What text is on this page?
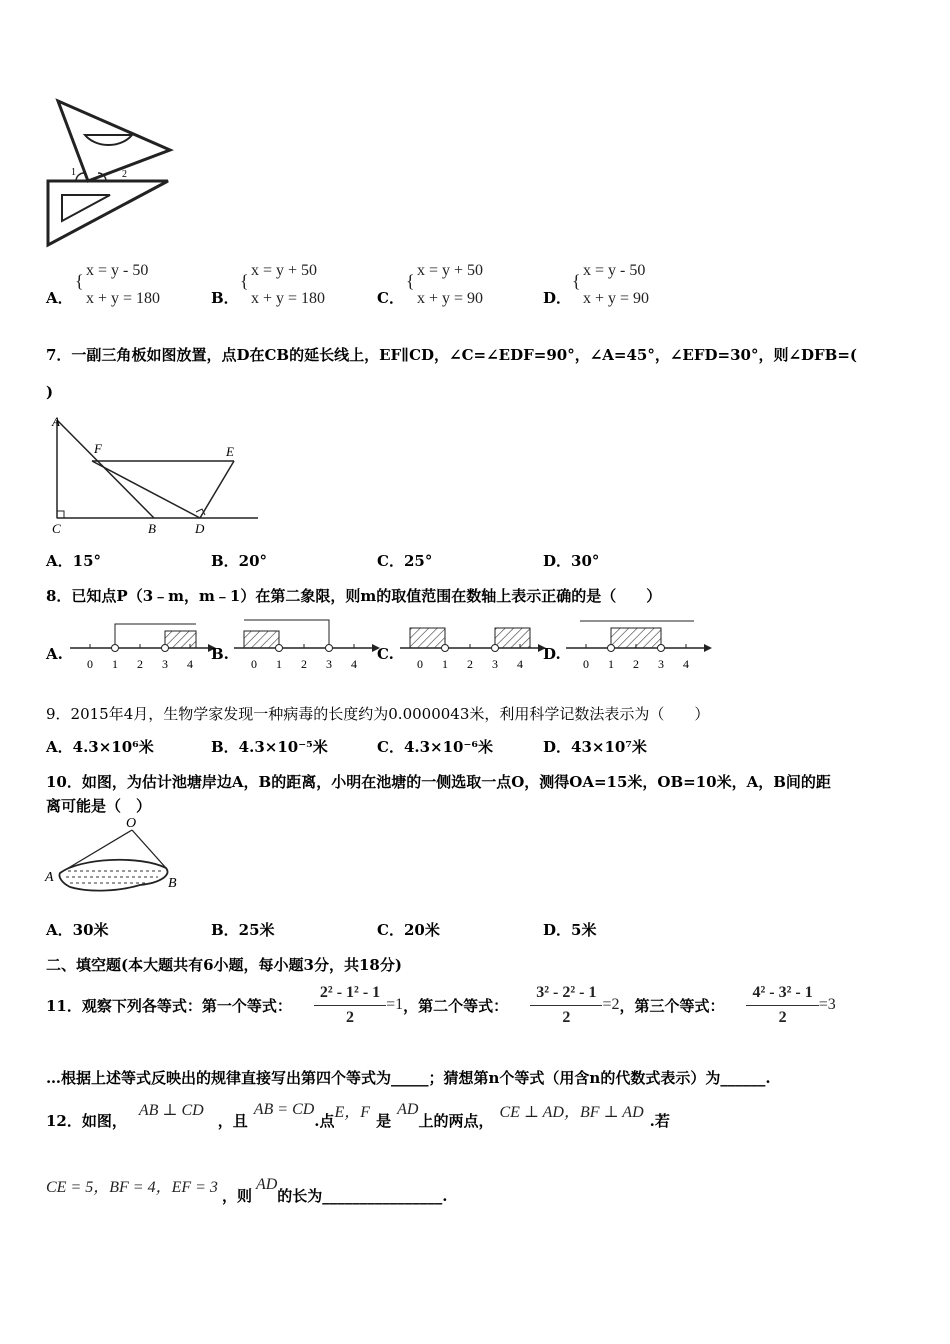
1	2
A．
{
x = y - 50
x + y = 180	B．
{
x = y + 50
x + y = 180	C．
{
x = y + 50
x + y = 90	D．
{
x = y - 50
x + y = 90
7．一副三角板如图放置，点D在CB的延长线上，EF∥CD，∠C=∠EDF=90°，∠A=45°，∠EFD=30°，则∠DFB=(
)
A
F	E
C	B	D
A．15°	B．20°	C．25°	D．30°
8．已知点P（3﹣m，m﹣1）在第二象限，则m的取值范围在数轴上表示正确的是（　　）
A.
0 1 2 3 4
B.
0 1 2 3 4
C.
0 1 2 3 4
D.
0 1 2 3 4
9．2015年4月，生物学家发现一种病毒的长度约为0.0000043米，利用科学记数法表示为（　　）
A．4.3×10⁶米	B．4.3×10⁻⁵米	C．4.3×10⁻⁶米	D．43×10⁷米
10．如图，为估计池塘岸边A，B的距离，小明在池塘的一侧选取一点O，测得OA=15米，OB=10米，A，B间的距
离可能是（　）
O
A	B
A．30米	B．25米	C．20米	D．5米
二、填空题(本大题共有6小题，每小题3分，共18分)
11．观察下列各等式：第一个等式： $\frac{\text{2² - 1² - 1}}{2} =1$ ，第二个等式： $\frac{\text{3² - 2² - 1}}{2} =2$ ，第三个等式： $\frac{\text{4² - 3² - 1}}{2} =3$
…根据上述等式反映出的规律直接写出第四个等式为_____；猜想第n个等式（用含n的代数式表示）为______.
12．如图，
AB ⊥ CD
，且
AB = CD
.点 E，F 是
AD
上的两点， CE ⊥ AD，BF ⊥ AD .若
CE = 5，BF = 4，EF = 3 ，则
AD
的长为________________.
